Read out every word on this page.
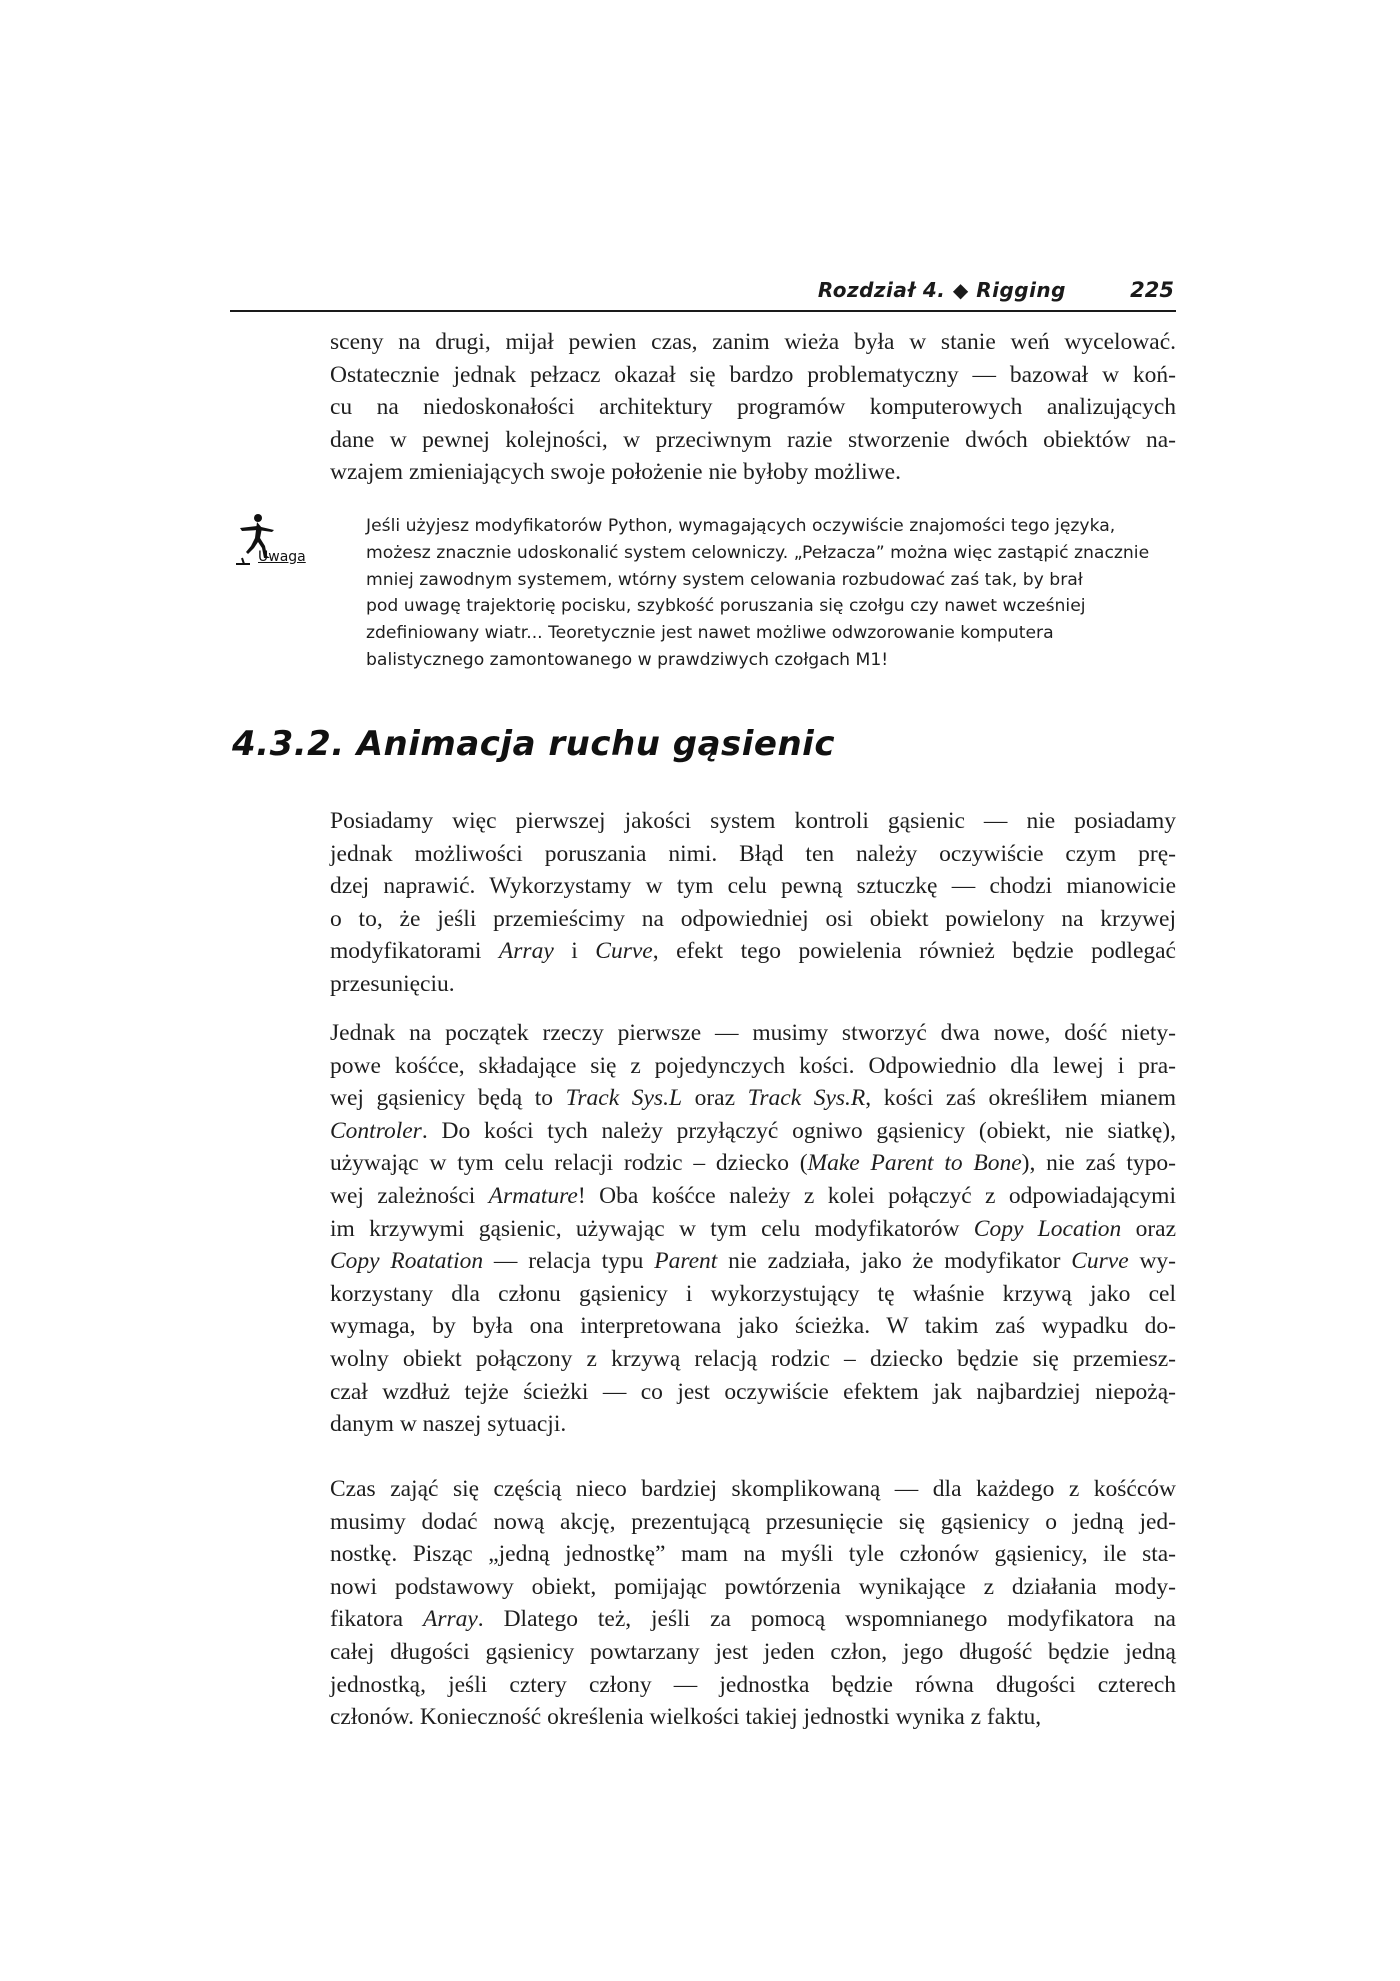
Rozdział 4. ◆ Rigging	225
sceny na drugi, mijał pewien czas, zanim wieża była w stanie weń wycelować.
Ostatecznie jednak pełzacz okazał się bardzo problematyczny — bazował w koń-
cu na niedoskonałości architektury programów komputerowych analizujących
dane w pewnej kolejności, w przeciwnym razie stworzenie dwóch obiektów na-
wzajem zmieniających swoje położenie nie byłoby możliwe.
Uwaga
Jeśli użyjesz modyfikatorów Python, wymagających oczywiście znajomości tego języka,
możesz znacznie udoskonalić system celowniczy. „Pełzacza” można więc zastąpić znacznie
mniej zawodnym systemem, wtórny system celowania rozbudować zaś tak, by brał
pod uwagę trajektorię pocisku, szybkość poruszania się czołgu czy nawet wcześniej
zdefiniowany wiatr... Teoretycznie jest nawet możliwe odwzorowanie komputera
balistycznego zamontowanego w prawdziwych czołgach M1!
4.3.2. Animacja ruchu gąsienic
Posiadamy więc pierwszej jakości system kontroli gąsienic — nie posiadamy
jednak możliwości poruszania nimi. Błąd ten należy oczywiście czym prę-
dzej naprawić. Wykorzystamy w tym celu pewną sztuczkę — chodzi mianowicie
o to, że jeśli przemieścimy na odpowiedniej osi obiekt powielony na krzywej
modyfikatorami Array i Curve, efekt tego powielenia również będzie podlegać
przesunięciu.
Jednak na początek rzeczy pierwsze — musimy stworzyć dwa nowe, dość niety-
powe kośćce, składające się z pojedynczych kości. Odpowiednio dla lewej i pra-
wej gąsienicy będą to Track Sys.L oraz Track Sys.R, kości zaś określiłem mianem
Controler. Do kości tych należy przyłączyć ogniwo gąsienicy (obiekt, nie siatkę),
używając w tym celu relacji rodzic – dziecko (Make Parent to Bone), nie zaś typo-
wej zależności Armature! Oba kośćce należy z kolei połączyć z odpowiadającymi
im krzywymi gąsienic, używając w tym celu modyfikatorów Copy Location oraz
Copy Roatation — relacja typu Parent nie zadziała, jako że modyfikator Curve wy-
korzystany dla członu gąsienicy i wykorzystujący tę właśnie krzywą jako cel
wymaga, by była ona interpretowana jako ścieżka. W takim zaś wypadku do-
wolny obiekt połączony z krzywą relacją rodzic – dziecko będzie się przemiesz-
czał wzdłuż tejże ścieżki — co jest oczywiście efektem jak najbardziej niepożą-
danym w naszej sytuacji.
Czas zająć się częścią nieco bardziej skomplikowaną — dla każdego z kośćców
musimy dodać nową akcję, prezentującą przesunięcie się gąsienicy o jedną jed-
nostkę. Pisząc „jedną jednostkę” mam na myśli tyle członów gąsienicy, ile sta-
nowi podstawowy obiekt, pomijając powtórzenia wynikające z działania mody-
fikatora Array. Dlatego też, jeśli za pomocą wspomnianego modyfikatora na
całej długości gąsienicy powtarzany jest jeden człon, jego długość będzie jedną
jednostką, jeśli cztery człony — jednostka będzie równa długości czterech
członów. Konieczność określenia wielkości takiej jednostki wynika z faktu,
